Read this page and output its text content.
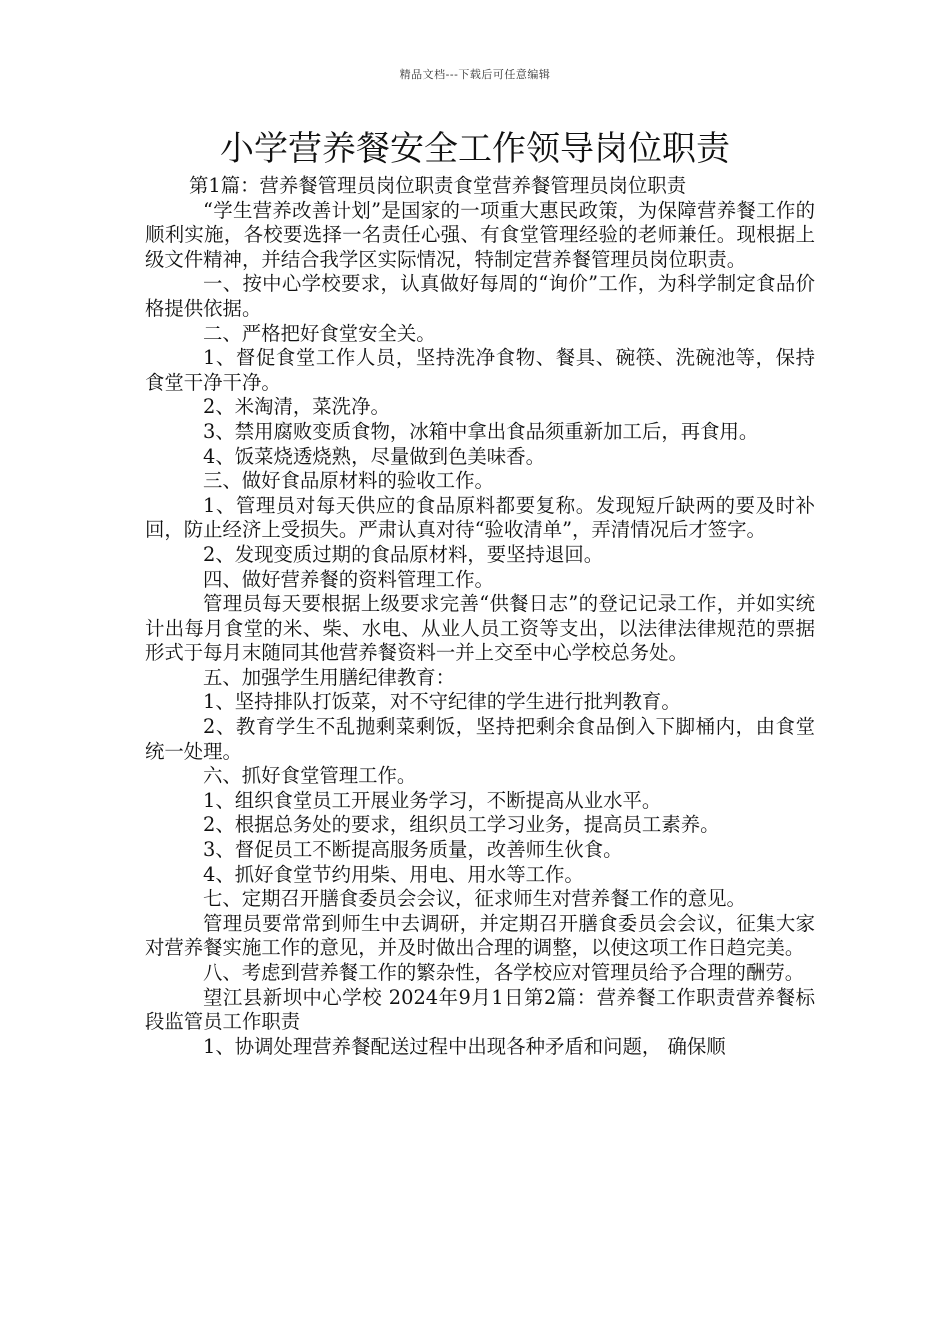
精品文档---下载后可任意编辑
小学营养餐安全工作领导岗位职责

第1篇：营养餐管理员岗位职责食堂营养餐管理员岗位职责

“学生营养改善计划”是国家的一项重大惠民政策，为保障营养餐工作的顺利实施，各校要选择一名责任心强、有食堂管理经验的老师兼任。现根据上级文件精神，并结合我学区实际情况，特制定营养餐管理员岗位职责。

一、按中心学校要求，认真做好每周的“询价”工作，为科学制定食品价格提供依据。

二、严格把好食堂安全关。

1、督促食堂工作人员，坚持洗净食物、餐具、碗筷、洗碗池等，保持食堂干净干净。

2、米淘清，菜洗净。

3、禁用腐败变质食物，冰箱中拿出食品须重新加工后，再食用。

4、饭菜烧透烧熟，尽量做到色美味香。

三、做好食品原材料的验收工作。

1、管理员对每天供应的食品原料都要复称。发现短斤缺两的要及时补回，防止经济上受损失。严肃认真对待“验收清单”，弄清情况后才签字。

2、发现变质过期的食品原材料，要坚持退回。

四、做好营养餐的资料管理工作。

管理员每天要根据上级要求完善“供餐日志”的登记记录工作，并如实统计出每月食堂的米、柴、水电、从业人员工资等支出，以法律法律规范的票据形式于每月末随同其他营养餐资料一并上交至中心学校总务处。

五、加强学生用膳纪律教育：

1、坚持排队打饭菜，对不守纪律的学生进行批判教育。

2、教育学生不乱抛剩菜剩饭，坚持把剩余食品倒入下脚桶内，由食堂统一处理。

六、抓好食堂管理工作。

1、组织食堂员工开展业务学习，不断提高从业水平。

2、根据总务处的要求，组织员工学习业务，提高员工素养。

3、督促员工不断提高服务质量，改善师生伙食。

4、抓好食堂节约用柴、用电、用水等工作。

七、定期召开膳食委员会会议，征求师生对营养餐工作的意见。

管理员要常常到师生中去调研，并定期召开膳食委员会会议，征集大家对营养餐实施工作的意见，并及时做出合理的调整，以使这项工作日趋完美。

八、考虑到营养餐工作的繁杂性，各学校应对管理员给予合理的酬劳。

望江县新坝中心学校 2024年9月1日第2篇：营养餐工作职责营养餐标段监管员工作职责

1、协调处理营养餐配送过程中出现各种矛盾和问题， 确保顺
